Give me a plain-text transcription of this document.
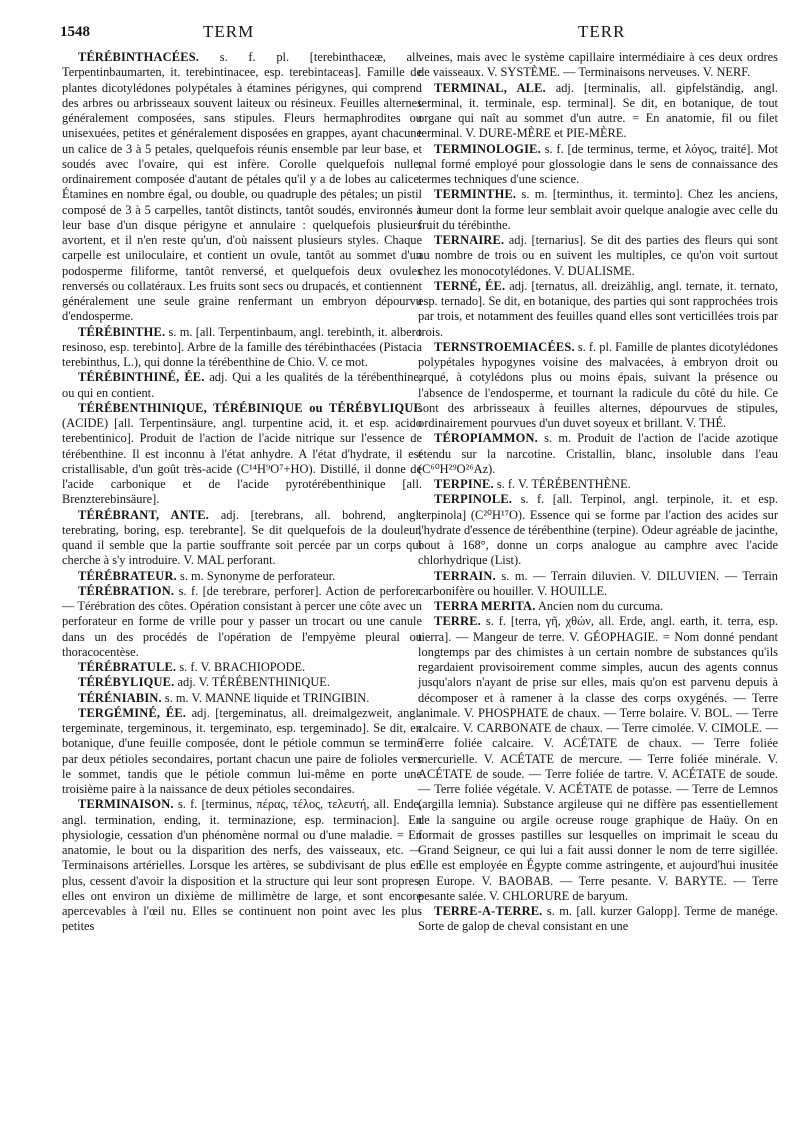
1548	TERM	TERR

TÉRÉBINTHACÉES. s. f. pl. [terebinthaceæ, all. Terpentinbaumarten, it. terebintinacee, esp. terebintaceas]. Famille de plantes dicotylédones polypétales à étamines périgynes, qui comprend des arbres ou arbrisseaux souvent laiteux ou résineux. Feuilles alternes généralement composées, sans stipules. Fleurs hermaphrodites ou unisexuées, petites et généralement disposées en grappes, ayant chacune un calice de 3 à 5 petales, quelquefois réunis ensemble par leur base, et soudés avec l'ovaire, qui est infère. Corolle quelquefois nulle, ordinairement composée d'autant de pétales qu'il y a de lobes au calice. Étamines en nombre égal, ou double, ou quadruple des pétales; un pistil composé de 3 à 5 carpelles, tantôt distincts, tantôt soudés, environnés à leur base d'un disque périgyne et annulaire : quelquefois plusieurs avortent, et il n'en reste qu'un, d'où naissent plusieurs styles. Chaque carpelle est uniloculaire, et contient un ovule, tantôt au sommet d'un podosperme filiforme, tantôt renversé, et quelquefois deux ovules renversés ou collatéraux. Les fruits sont secs ou drupacés, et contiennent généralement une seule graine renfermant un embryon dépourvu d'endosperme.

TÉRÉBINTHE. s. m. [all. Terpentinbaum, angl. terebinth, it. albero resinoso, esp. terebinto]. Arbre de la famille des térébinthacées (Pistacia terebinthus, L.), qui donne la térébenthine de Chio. V. ce mot.

TÉRÉBINTHINÉ, ÉE. adj. Qui a les qualités de la térébenthine, ou qui en contient.

TÉRÉBENTHINIQUE, TÉRÉBINIQUE ou TÉRÉBYLIQUE (ACIDE) [all. Terpentinsäure, angl. turpentine acid, it. et esp. acido terebentinico]. Produit de l'action de l'acide nitrique sur l'essence de térébenthine. Il est inconnu à l'état anhydre. A l'état d'hydrate, il est cristallisable, d'un goût très-acide (C¹⁴H⁹O⁷+HO). Distillé, il donne de l'acide carbonique et de l'acide pyrotérébenthinique [all. Brenzterebinsäure].

TÉRÉBRANT, ANTE. adj. [terebrans, all. bohrend, angl. terebrating, boring, esp. terebrante]. Se dit quelquefois de la douleur, quand il semble que la partie souffrante soit percée par un corps qui cherche à s'y introduire. V. MAL perforant.

TÉRÉBRATEUR. s. m. Synonyme de perforateur.

TÉRÉBRATION. s. f. [de terebrare, perforer]. Action de perforer. — Térébration des côtes. Opération consistant à percer une côte avec un perforateur en forme de vrille pour y passer un trocart ou une canule dans un des procédés de l'opération de l'empyème pleural ou thoracocentèse.

TÉRÉBRATULE. s. f. V. BRACHIOPODE.

TÉRÉBYLIQUE. adj. V. TÉRÉBENTHINIQUE.

TÉRÉNIABIN. s. m. V. MANNE liquide et TRINGIBIN.

TERGÉMINÉ, ÉE. adj. [tergeminatus, all. dreimalgezweit, angl. tergeminate, tergeminous, it. tergeminato, esp. tergeminado]. Se dit, en botanique, d'une feuille composée, dont le pétiole commun se termine par deux pétioles secondaires, portant chacun une paire de folioles vers le sommet, tandis que le pétiole commun lui-même en porte une troisième paire à la naissance de deux pétioles secondaires.

TERMINAISON. s. f. [terminus, πέρας, τέλος, τελευτή, all. Ende, angl. termination, ending, it. terminazione, esp. terminacion]. En physiologie, cessation d'un phénomène normal ou d'une maladie. = En anatomie, le bout ou la disparition des nerfs, des vaisseaux, etc. — Terminaisons artérielles. Lorsque les artères, se subdivisant de plus en plus, cessent d'avoir la disposition et la structure qui leur sont propres, elles ont environ un dixième de millimètre de large, et sont encore apercevables à l'œil nu. Elles se continuent non point avec les plus petites

veines, mais avec le système capillaire intermédiaire à ces deux ordres de vaisseaux. V. SYSTÈME. — Terminaisons nerveuses. V. NERF.

TERMINAL, ALE. adj. [terminalis, all. gipfelständig, angl. terminal, it. terminale, esp. terminal]. Se dit, en botanique, de tout organe qui naît au sommet d'un autre. = En anatomie, fil ou filet terminal. V. DURE-MÈRE et PIE-MÈRE.

TERMINOLOGIE. s. f. [de terminus, terme, et λόγος, traité]. Mot mal formé employé pour glossologie dans le sens de connaissance des termes techniques d'une science.

TERMINTHE. s. m. [terminthus, it. terminto]. Chez les anciens, tumeur dont la forme leur semblait avoir quelque analogie avec celle du fruit du térébinthe.

TERNAIRE. adj. [ternarius]. Se dit des parties des fleurs qui sont au nombre de trois ou en suivent les multiples, ce qu'on voit surtout chez les monocotylédones. V. DUALISME.

TERNÉ, ÉE. adj. [ternatus, all. dreizählig, angl. ternate, it. ternato, esp. ternado]. Se dit, en botanique, des parties qui sont rapprochées trois par trois, et notamment des feuilles quand elles sont verticillées trois par trois.

TERNSTROEMIACÉES. s. f. pl. Famille de plantes dicotylédones polypétales hypogynes voisine des malvacées, à embryon droit ou arqué, à cotylédons plus ou moins épais, suivant la présence ou l'absence de l'endosperme, et tournant la radicule du côté du hile. Ce sont des arbrisseaux à feuilles alternes, dépourvues de stipules, ordinairement pourvues d'un duvet soyeux et brillant. V. THÉ.

TÉROPIAMMON. s. m. Produit de l'action de l'acide azotique étendu sur la narcotine. Cristallin, blanc, insoluble dans l'eau (C⁶⁰H²⁹O²⁶Az).

TERPINE. s. f. V. TÉRÉBENTHÈNE.

TERPINOLE. s. f. [all. Terpinol, angl. terpinole, it. et esp. terpinola] (C²⁰H¹⁷O). Essence qui se forme par l'action des acides sur l'hydrate d'essence de térébenthine (terpine). Odeur agréable de jacinthe, bout à 168°, donne un corps analogue au camphre avec l'acide chlorhydrique (List).

TERRAIN. s. m. — Terrain diluvien. V. DILUVIEN. — Terrain carbonifère ou houiller. V. HOUILLE.

TERRA MERITA. Ancien nom du curcuma.

TERRE. s. f. [terra, γῆ, χθών, all. Erde, angl. earth, it. terra, esp. tierra]. — Mangeur de terre. V. GÉOPHAGIE. = Nom donné pendant longtemps par des chimistes à un certain nombre de substances qu'ils regardaient provisoirement comme simples, aucun des agents connus jusqu'alors n'ayant de prise sur elles, mais qu'on est parvenu depuis à décomposer et à ramener à la classe des corps oxygénés. — Terre animale. V. PHOSPHATE de chaux. — Terre bolaire. V. BOL. — Terre calcaire. V. CARBONATE de chaux. — Terre cimolée. V. CIMOLE. — Terre foliée calcaire. V. ACÉTATE de chaux. — Terre foliée mercurielle. V. ACÉTATE de mercure. — Terre foliée minérale. V. ACÉTATE de soude. — Terre foliée de tartre. V. ACÉTATE de soude. — Terre foliée végétale. V. ACÉTATE de potasse. — Terre de Lemnos (argilla lemnia). Substance argileuse qui ne diffère pas essentiellement de la sanguine ou argile ocreuse rouge graphique de Haüy. On en formait de grosses pastilles sur lesquelles on imprimait le sceau du Grand Seigneur, ce qui lui a fait aussi donner le nom de terre sigillée. Elle est employée en Égypte comme astringente, et aujourd'hui inusitée en Europe. V. BAOBAB. — Terre pesante. V. BARYTE. — Terre pesante salée. V. CHLORURE de baryum.

TERRE-A-TERRE. s. m. [all. kurzer Galopp]. Terme de manége. Sorte de galop de cheval consistant en une
